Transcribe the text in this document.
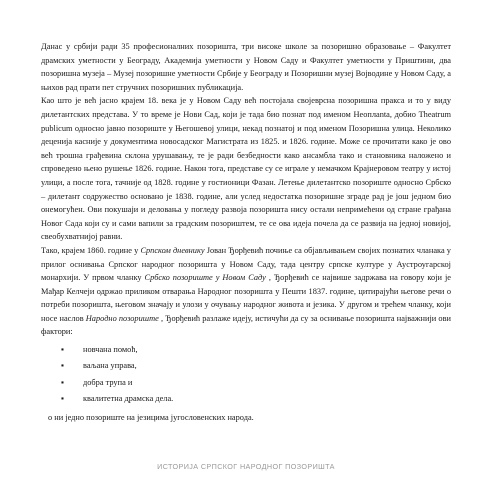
Данас у србији ради 35 професионалних позоришта, три високе школе за позоришно образовање – Факултет драмских уметности у Београду, Академија уметности у Новом Саду и Факултет уметности у Приштини, два позоришна музеја – Музеј позоришне уметности Србије у Београду и Позоришни музеј Војводине у Новом Саду, а њихов рад прати пет стручних позоришних публикација.

Као што је већ јасно крајем 18. века је у Новом Саду већ постојала својеврсна позоришна пракса и то у виду дилетантских представа. У то време је Нови Сад, који је тада био познат под именом Неоплanta, добио Theatrum publicum односно јавно позориште у Његошевој улици, некад познатoj и под именом Позоришна улица. Неколико деценија касније у документима новосадског Магистрата из 1825. и 1826. године. Може се прочитати како је ово већ трошна грађевина склона урушавању, те је ради безбедности како ансамбла тако и становника наложено и спроведено њено рушење 1826. године. Након тога, представе су се играле у немачком Крајнеровом театру у истој улици, а после тога, тачније од 1828. године у гостионици Фазан. Летење дилетантско позориште односно Србско – дилетант содружество основано је 1838. године, али услед недостатка позоришне зграде рад је још једном био онемогућен. Ови покушаји и деловања у погледу развоја позоришта нису остали непримећени од стране грађана Новог Сада који су и сами вапили за градским позориштем, те се ова идеја почела да се развија на једној новијој, свеобухватнијој равни.

Тако, крајем 1860. године у Српском дневнику Јован Ђорђевић почиње са објављивањем својих познатих чланака у прилог оснивања Српског народног позоришта у Новом Саду, тада центру српске културе у Аустроугарској монархији. У првом чланку Србско позориште у Новом Саду , Ђорђевић се највише задржава на говору који је Мађар Келчеји одржао приликом отварања Народног позоришта у Пешти 1837. године, цитирајући његове речи о потреби позоришта, његовом значају и улози у очувању народног живота и језика. У другом и трећем чланку, који носе наслов Народно позориште , Ђорђевић разлаже идеју, истичући да су за оснивање позоришта најважнији ови фактори:

▪	новчана помоћ,
▪	ваљана управа,
▪	добра трупа и
▪	квалитетна драмска дела.
о ни једно позориште на језицима југословенских народа.
ИСТОРИЈА СРПСКОГ НАРОДНОГ ПОЗОРИШТА
